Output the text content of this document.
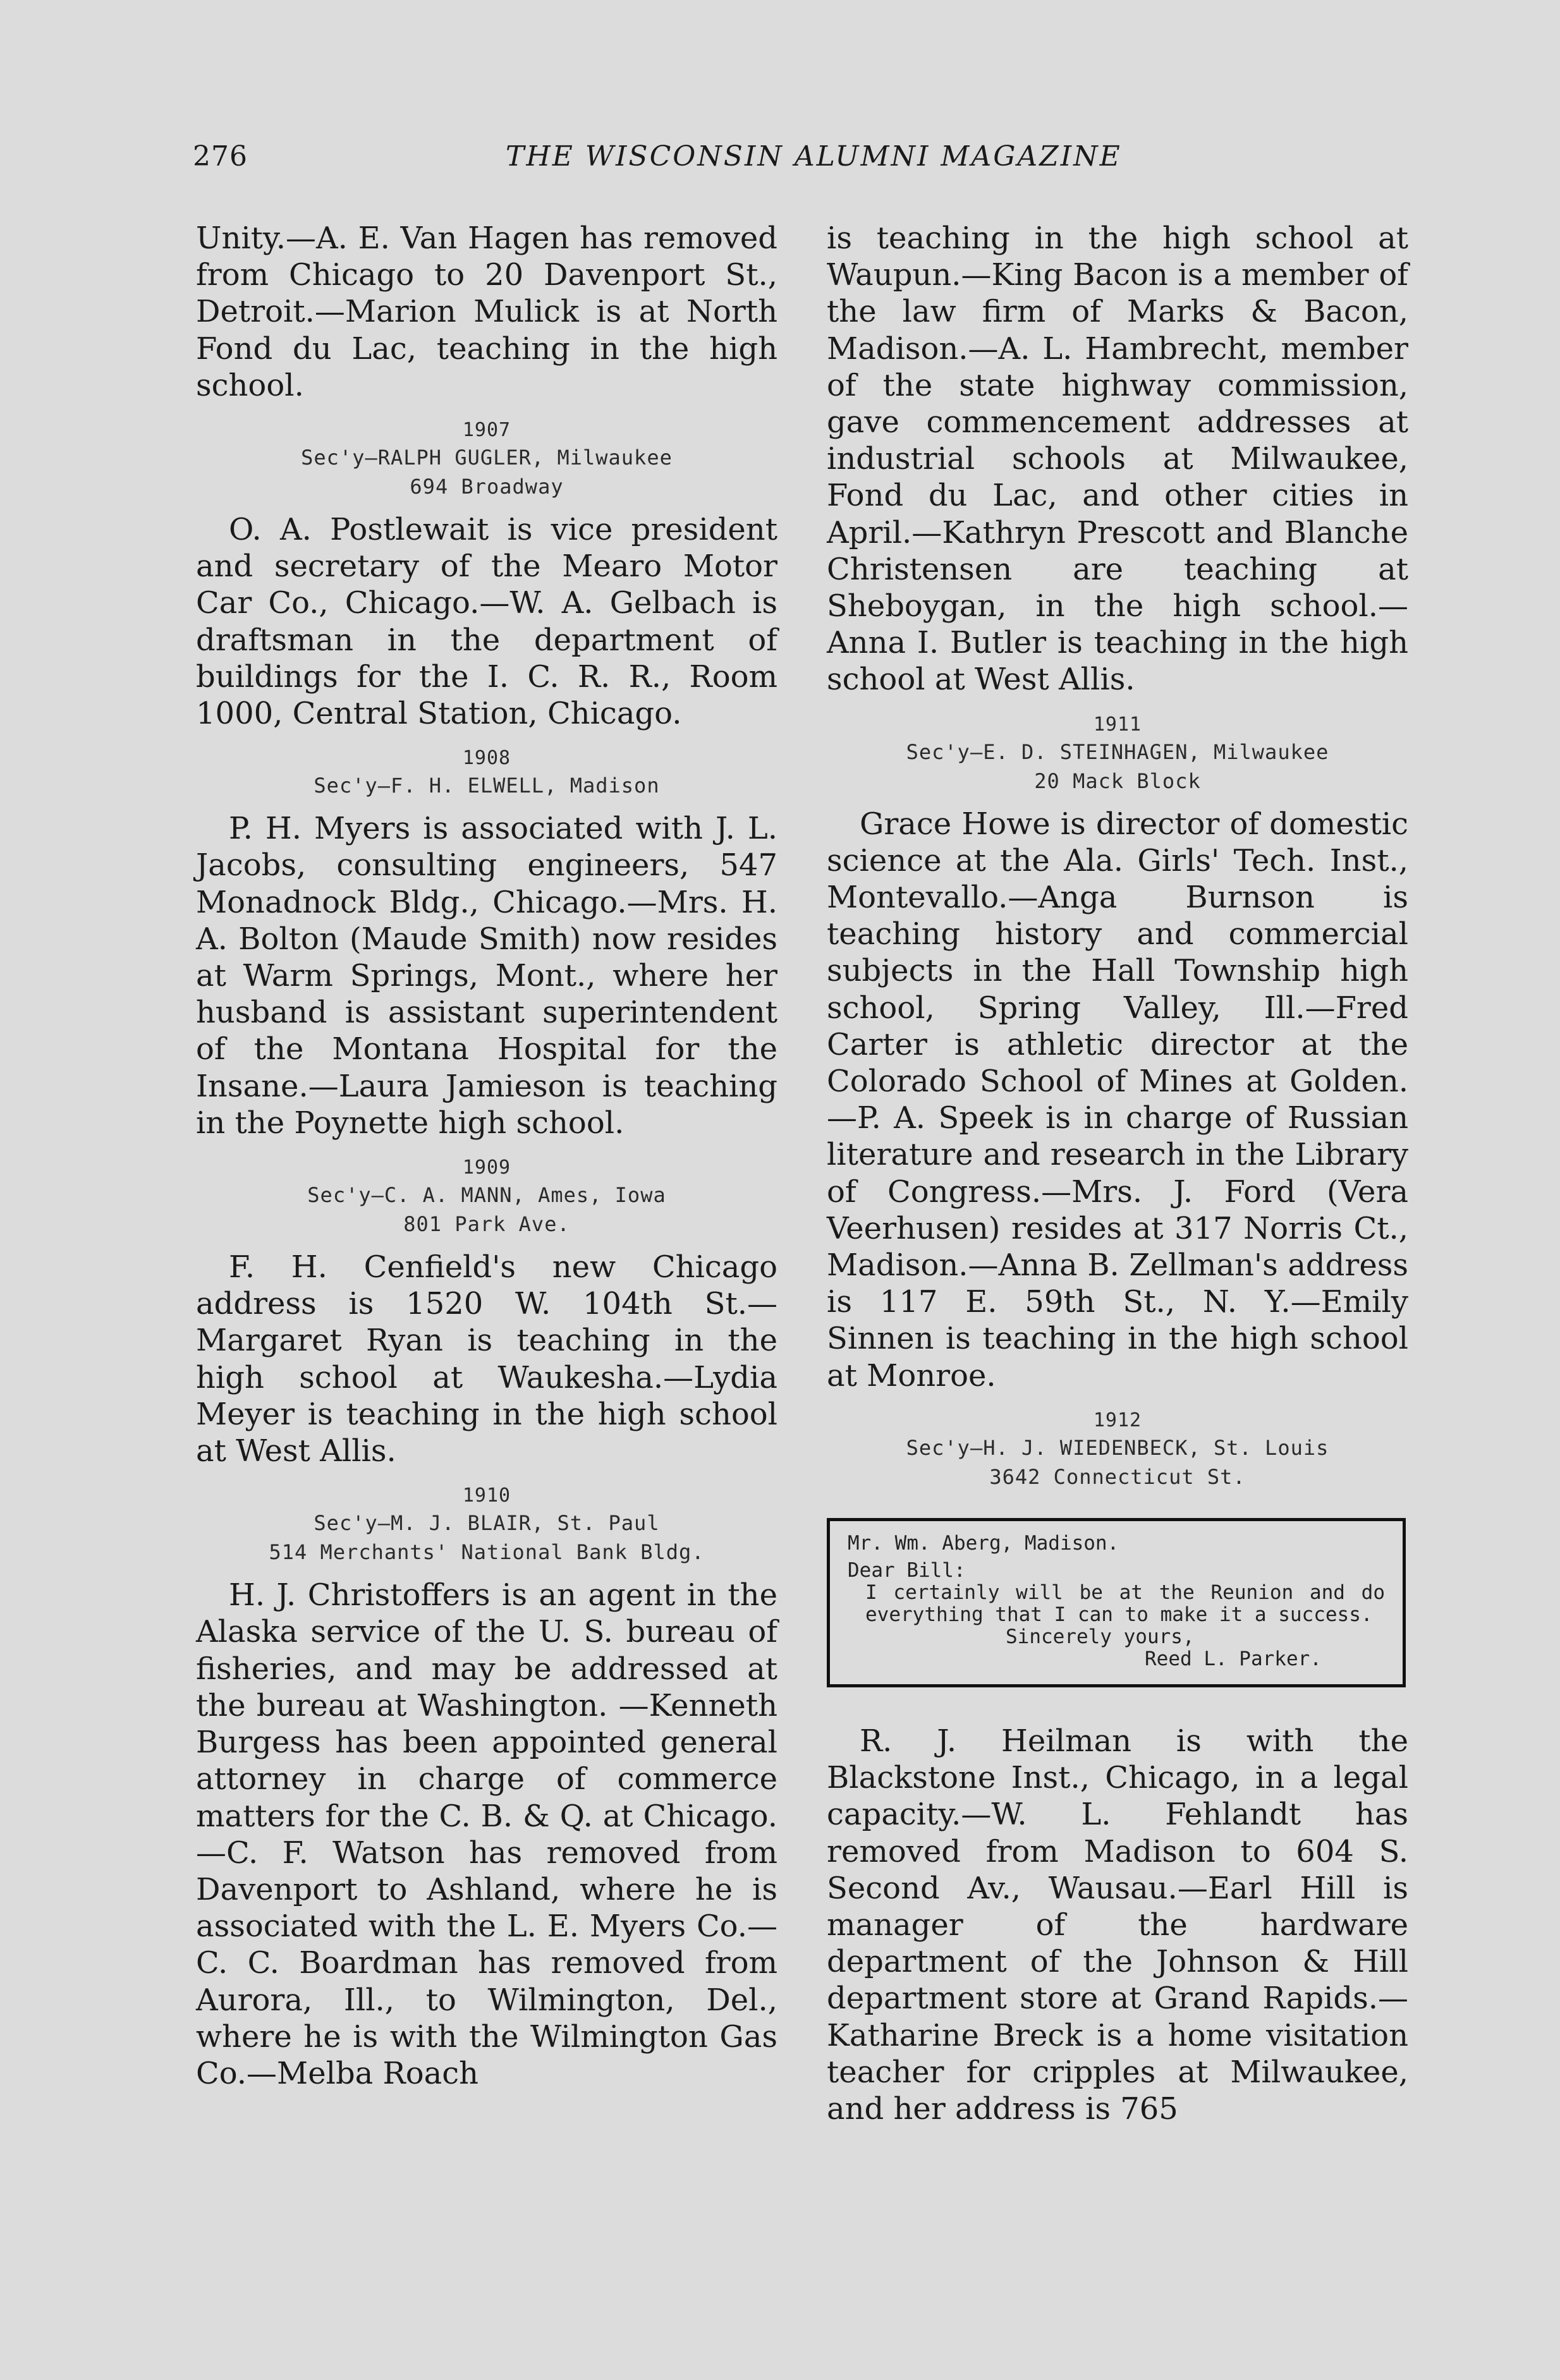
276	THE WISCONSIN ALUMNI MAGAZINE

Unity.—A. E. Van Hagen has removed from Chicago to 20 Davenport St., Detroit.—Marion Mulick is at North Fond du Lac, teaching in the high school.

1907

Sec'y—RALPH GUGLER, Milwaukee

694 Broadway

O. A. Postlewait is vice president and secretary of the Mearo Motor Car Co., Chicago.—W. A. Gelbach is draftsman in the department of buildings for the I. C. R. R., Room 1000, Central Station, Chicago.

1908

Sec'y—F. H. ELWELL, Madison

P. H. Myers is associated with J. L. Jacobs, consulting engineers, 547 Monadnock Bldg., Chicago.—Mrs. H. A. Bolton (Maude Smith) now resides at Warm Springs, Mont., where her husband is assistant superintendent of the Montana Hospital for the Insane.—Laura Jamieson is teaching in the Poynette high school.

1909

Sec'y—C. A. MANN, Ames, Iowa

801 Park Ave.

F. H. Cenfield's new Chicago address is 1520 W. 104th St.—Margaret Ryan is teaching in the high school at Waukesha.—Lydia Meyer is teaching in the high school at West Allis.

1910

Sec'y—M. J. BLAIR, St. Paul

514 Merchants' National Bank Bldg.

H. J. Christoffers is an agent in the Alaska service of the U. S. bureau of fisheries, and may be addressed at the bureau at Washington. —Kenneth Burgess has been appointed general attorney in charge of commerce matters for the C. B. & Q. at Chicago.—C. F. Watson has removed from Davenport to Ashland, where he is associated with the L. E. Myers Co.—C. C. Boardman has removed from Aurora, Ill., to Wilmington, Del., where he is with the Wilmington Gas Co.—Melba Roach

is teaching in the high school at Waupun.—King Bacon is a member of the law firm of Marks & Bacon, Madison.—A. L. Hambrecht, member of the state highway commission, gave commencement addresses at industrial schools at Milwaukee, Fond du Lac, and other cities in April.—Kathryn Prescott and Blanche Christensen are teaching at Sheboygan, in the high school.—Anna I. Butler is teaching in the high school at West Allis.

1911

Sec'y—E. D. STEINHAGEN, Milwaukee

20 Mack Block

Grace Howe is director of domestic science at the Ala. Girls' Tech. Inst., Montevallo.—Anga Burnson is teaching history and commercial subjects in the Hall Township high school, Spring Valley, Ill.—Fred Carter is athletic director at the Colorado School of Mines at Golden.—P. A. Speek is in charge of Russian literature and research in the Library of Congress.—Mrs. J. Ford (Vera Veerhusen) resides at 317 Norris Ct., Madison.—Anna B. Zellman's address is 117 E. 59th St., N. Y.—Emily Sinnen is teaching in the high school at Monroe.

1912

Sec'y—H. J. WIEDENBECK, St. Louis

3642 Connecticut St.

Mr. Wm. Aberg, Madison.
Dear Bill:
I certainly will be at the Reunion and do everything that I can to make it a success.
Sincerely yours,
Reed L. Parker.

R. J. Heilman is with the Blackstone Inst., Chicago, in a legal capacity.—W. L. Fehlandt has removed from Madison to 604 S. Second Av., Wausau.—Earl Hill is manager of the hardware department of the Johnson & Hill department store at Grand Rapids.—Katharine Breck is a home visitation teacher for cripples at Milwaukee, and her address is 765
